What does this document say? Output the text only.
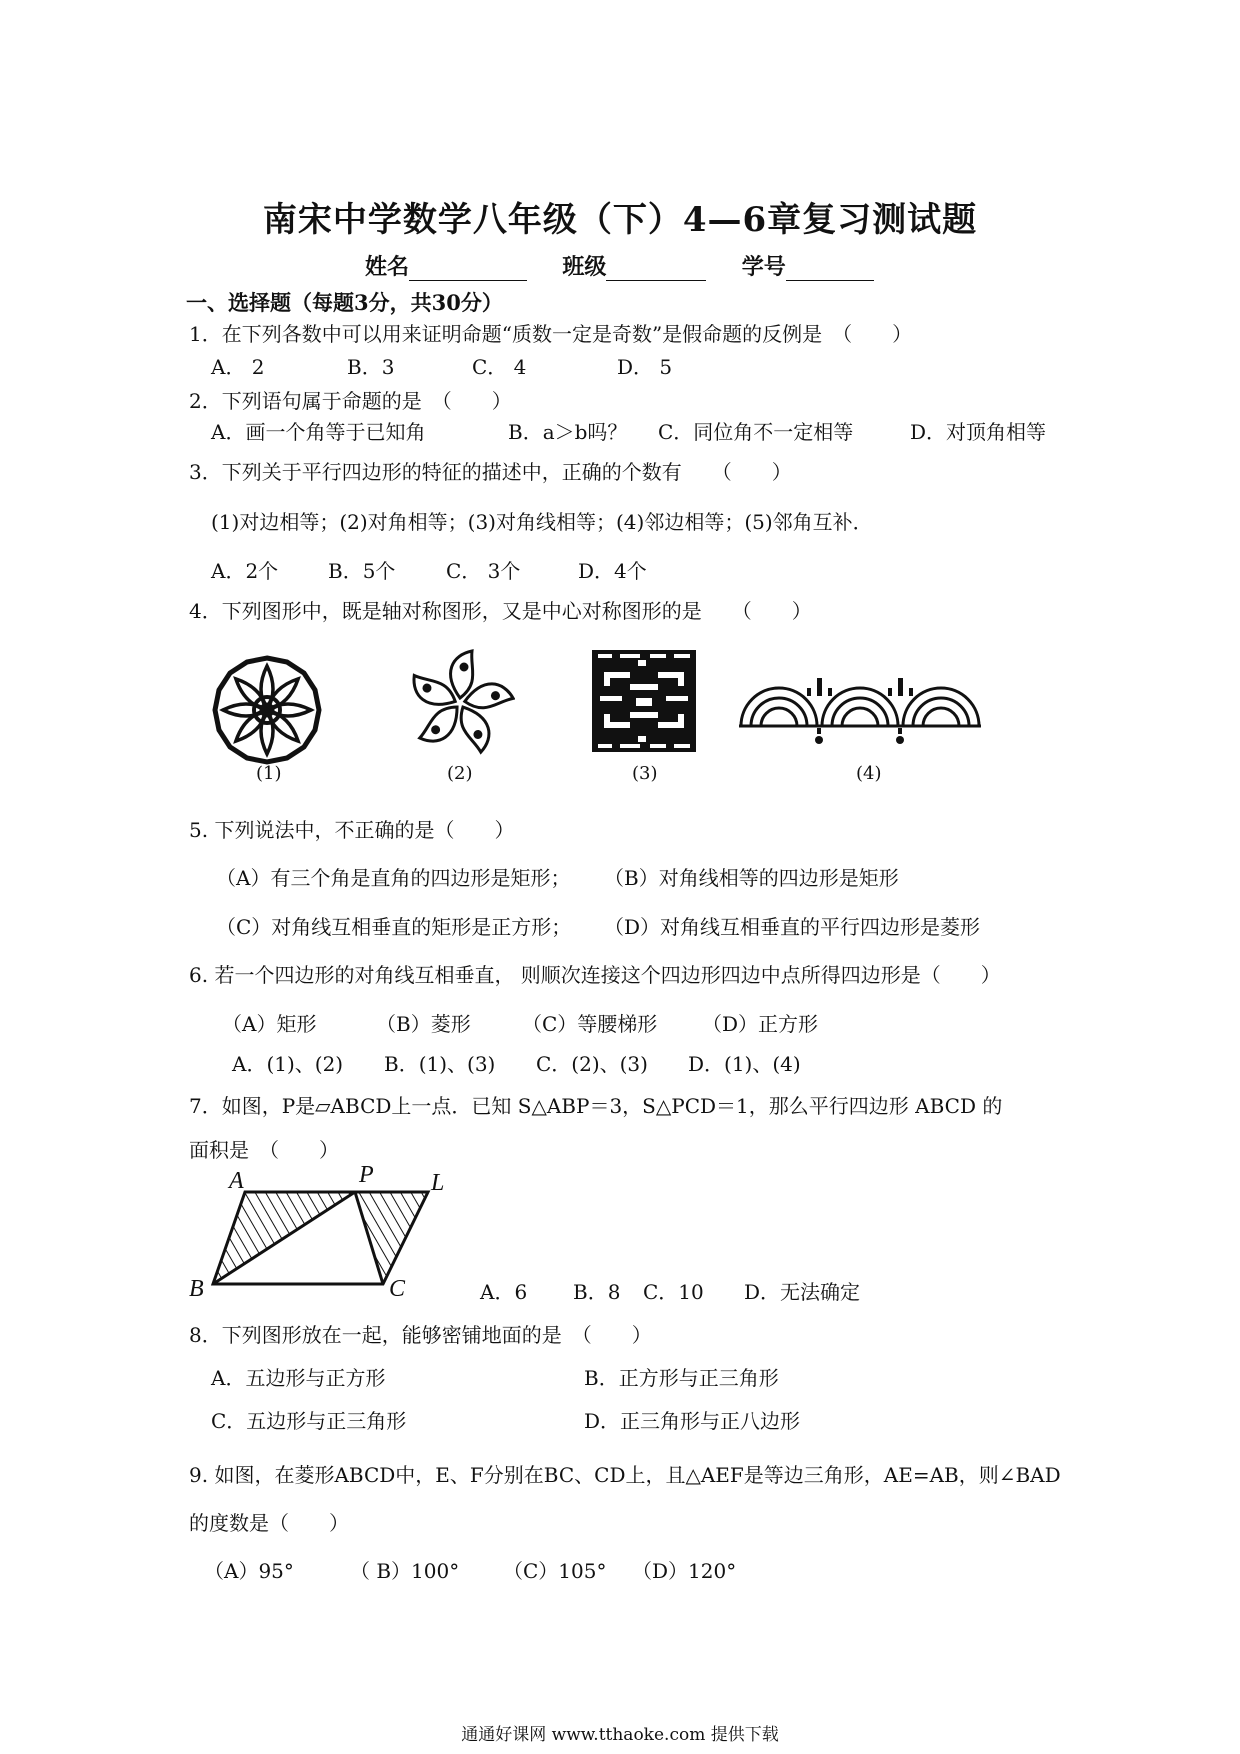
南宋中学数学八年级（下）4—6章复习测试题
姓名	班级	学号
一、选择题（每题3分，共30分）
1．在下列各数中可以用来证明命题“质数一定是奇数”是假命题的反例是　（　　）
A． 2	B．3	C． 4	D． 5
2．下列语句属于命题的是　（　　）
A．画一个角等于已知角	B．a＞b吗？ C．同位角不一定相等	D．对顶角相等
3．下列关于平行四边形的特征的描述中，正确的个数有　　（　　）
(1)对边相等；(2)对角相等；(3)对角线相等；(4)邻边相等；(5)邻角互补．
A．2个 B．5个	C． 3个	D．4个
4．下列图形中，既是轴对称图形，又是中心对称图形的是　　（　　）
(1)	(2)	(3)	(4)
5. 下列说法中，不正确的是（　　）
（A）有三个角是直角的四边形是矩形； （B）对角线相等的四边形是矩形
（C）对角线互相垂直的矩形是正方形； （D）对角线互相垂直的平行四边形是菱形
6. 若一个四边形的对角线互相垂直， 则顺次连接这个四边形四边中点所得四边形是（　　）
（A）矩形	（B）菱形	（C）等腰梯形 （D）正方形
A．(1)、(2) B．(1)、(3) C．(2)、(3) D．(1)、(4)
7．如图，P是▱ABCD上一点．已知 S△ABP＝3，S△PCD＝1，那么平行四边形 ABCD 的
面积是　（　　）
A	P L
B	C	A．6 B．8 C．10 D．无法确定
8．下列图形放在一起，能够密铺地面的是　（　　）
A．五边形与正方形	B．正方形与正三角形
C．五边形与正三角形	D．正三角形与正八边形
9. 如图，在菱形ABCD中，E、F分别在BC、CD上，且△AEF是等边三角形，AE=AB，则∠BAD
的度数是（　　）
（A）95°	（ B）100° （C）105° （D）120°
通通好课网 www.tthaoke.com 提供下载
